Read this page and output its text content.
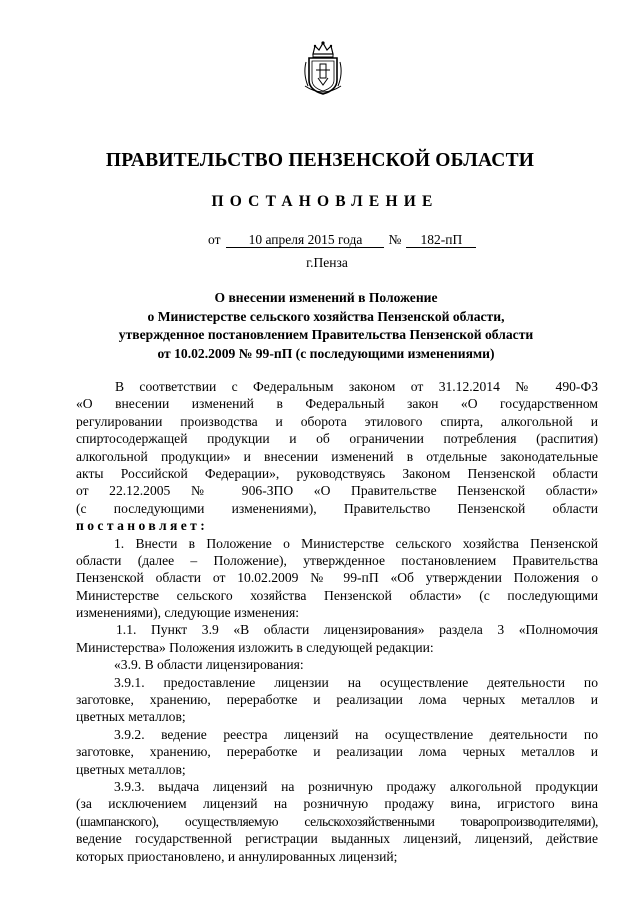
ПРАВИТЕЛЬСТВО ПЕНЗЕНСКОЙ ОБЛАСТИ
ПОСТАНОВЛЕНИЕ
от 10 апреля 2015 года № 182-пП
г.Пенза
О внесении изменений в Положение
о Министерстве сельского хозяйства Пензенской области,
утвержденное постановлением Правительства Пензенской области
от 10.02.2009 № 99-пП (с последующими изменениями)
В соответствии с Федеральным законом от 31.12.2014 № 490-ФЗ
«О внесении изменений в Федеральный закон «О государственном
регулировании производства и оборота этилового спирта, алкогольной и
спиртосодержащей продукции и об ограничении потребления (распития)
алкогольной продукции» и внесении изменений в отдельные законодательные
акты Российской Федерации», руководствуясь Законом Пензенской области
от 22.12.2005 № 906-ЗПО «О Правительстве Пензенской области»
(с последующими изменениями), Правительство Пензенской области
постановляет:
1. Внести в Положение о Министерстве сельского хозяйства Пензенской
области (далее – Положение), утвержденное постановлением Правительства
Пензенской области от 10.02.2009 № 99-пП «Об утверждении Положения о
Министерстве сельского хозяйства Пензенской области» (с последующими
изменениями), следующие изменения:
1.1. Пункт 3.9 «В области лицензирования» раздела 3 «Полномочия
Министерства» Положения изложить в следующей редакции:
«3.9. В области лицензирования:
3.9.1. предоставление лицензии на осуществление деятельности по
заготовке, хранению, переработке и реализации лома черных металлов и
цветных металлов;
3.9.2. ведение реестра лицензий на осуществление деятельности по
заготовке, хранению, переработке и реализации лома черных металлов и
цветных металлов;
3.9.3. выдача лицензий на розничную продажу алкогольной продукции
(за исключением лицензий на розничную продажу вина, игристого вина
(шампанского), осуществляемую сельскохозяйственными товаропроизводителями),
ведение государственной регистрации выданных лицензий, лицензий, действие
которых приостановлено, и аннулированных лицензий;
